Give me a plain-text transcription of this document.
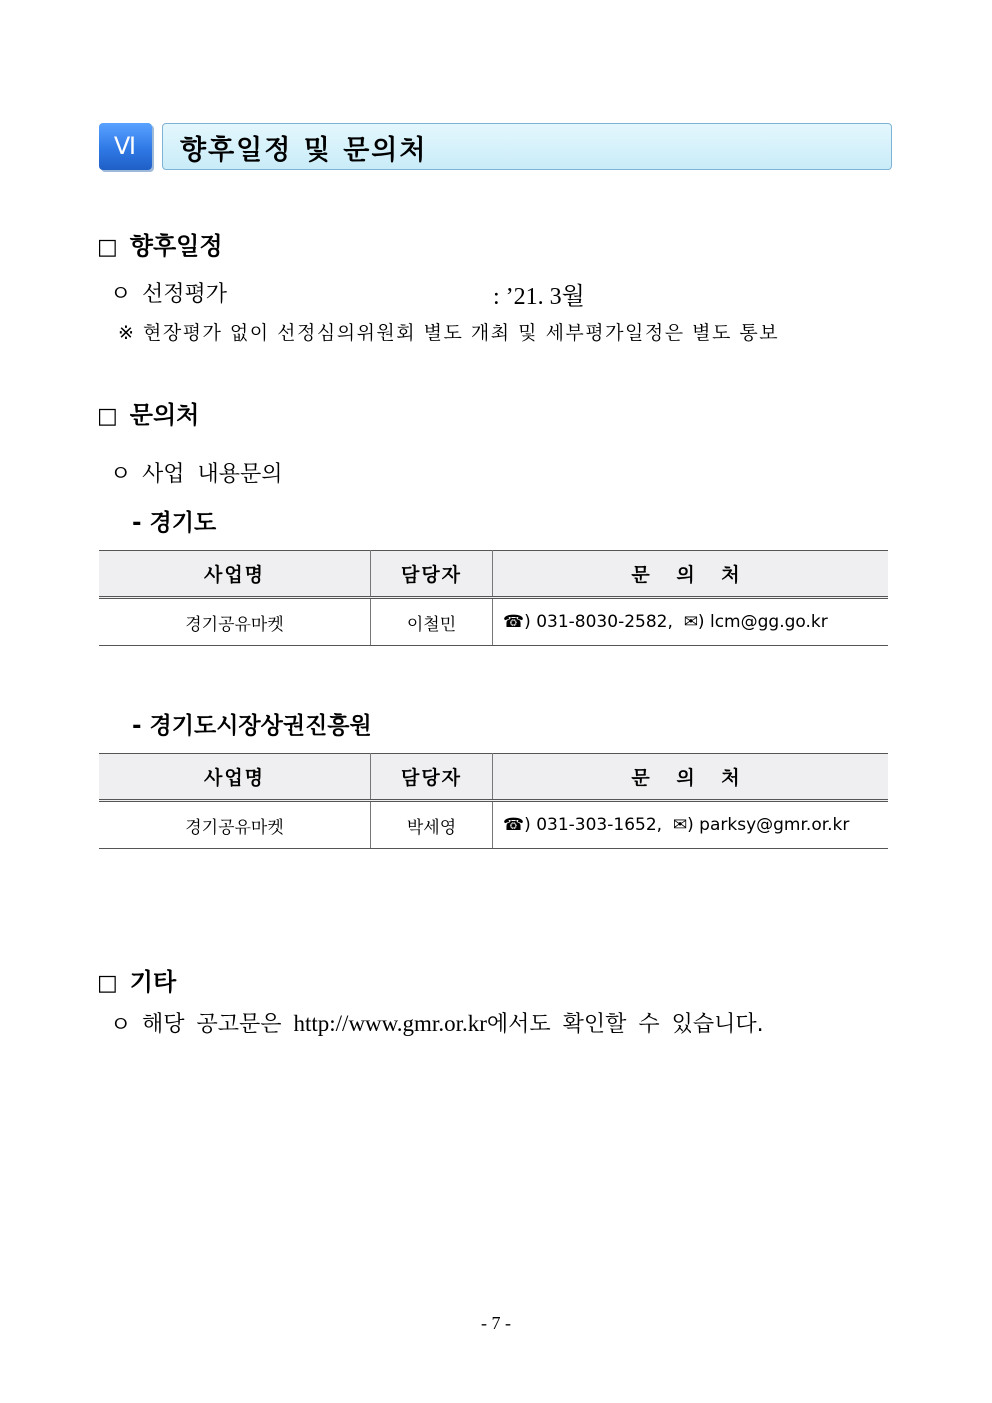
Ⅵ	향후일정 및 문의처
□ 향후일정
ㅇ 선정평가	: ’21. 3월
※ 현장평가 없이 선정심의위원회 별도 개최 및 세부평가일정은 별도 통보
□ 문의처
ㅇ 사업 내용문의
- 경기도
사업명	담당자	문 의 처
경기공유마켓	이철민	☎) 031-8030-2582, ✉) lcm@gg.go.kr
- 경기도시장상권진흥원
사업명	담당자	문 의 처
경기공유마켓	박세영	☎) 031-303-1652, ✉) parksy@gmr.or.kr
□ 기타
ㅇ 해당 공고문은 http://www.gmr.or.kr에서도 확인할 수 있습니다.
- 7 -
